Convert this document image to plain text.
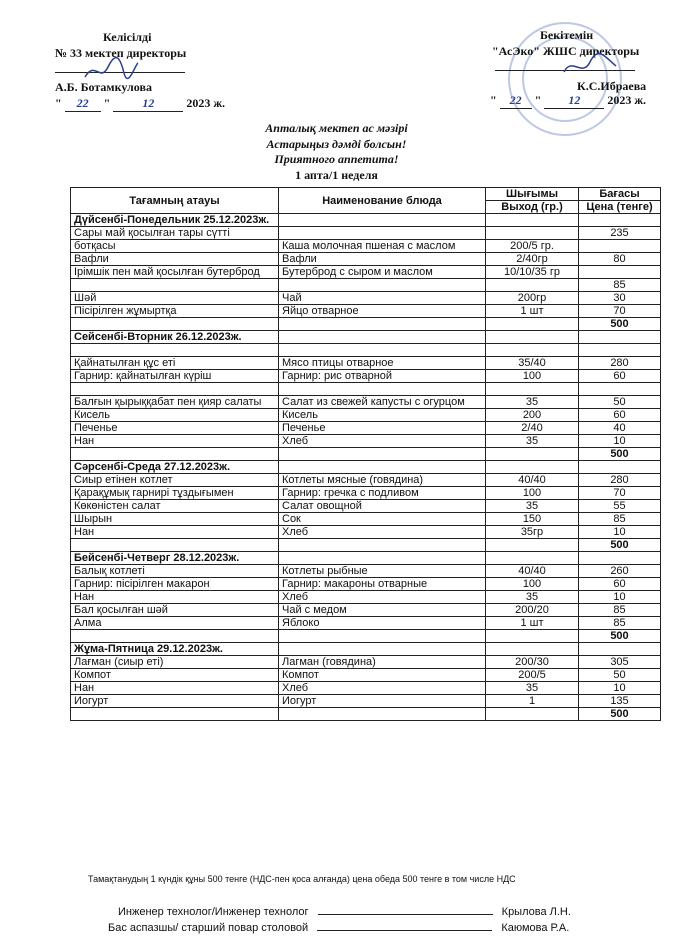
Келісілді
№ 33 мектеп директоры
А.Б. Ботамкулова
" 22 "	12	2023 ж.
Бекітемін
"АсЭко" ЖШС директоры
К.С.Ибраева
" 22 " 12 2023 ж.
Апталық мектеп ас мәзірі
Астарыңыз дәмді болсын!
Приятного аппетита!
1 апта/1 неделя
Тағамның атауы	Наименование блюда	Шығымы	Бағасы
		Выход (гр.)	Цена (тенге)
Дүйсенбі-Понедельник 25.12.2023ж.			
Сары май қосылған тары сүтті			235
ботқасы	Каша молочная пшеная с маслом	200/5 гр.	
Вафли	Вафли	2/40гр	80
Ірімшік пен май қосылған бутерброд	Бутерброд с сыром и маслом	10/10/35 гр	
			85
Шәй	Чай	200гр	30
Пісірілген жұмыртқа	Яйцо отварное	1 шт	70
			500
Сейсенбі-Вторник 26.12.2023ж.			

Қайнатылған құс еті	Мясо птицы отварное	35/40	280
Гарнир: қайнатылған күріш	Гарнир: рис отварной	100	60

Балғын қырыққабат пен қияр салаты	Салат из свежей капусты с огурцом	35	50
Кисель	Кисель	200	60
Печенье	Печенье	2/40	40
Нан	Хлеб	35	10
			500
Сәрсенбі-Среда 27.12.2023ж.			
Сиыр етінен котлет	Котлеты мясные (говядина)	40/40	280
Қарақұмық гарнирі тұздығымен	Гарнир: гречка с подливом	100	70
Көкөністен салат	Салат овощной	35	55
Шырын	Сок	150	85
Нан	Хлеб	35гр	10
			500
Бейсенбі-Четверг 28.12.2023ж.			
Балық котлеті	Котлеты рыбные	40/40	260
Гарнир: пісірілген макарон	Гарнир: макароны отварные	100	60
Нан	Хлеб	35	10
Бал қосылған шәй	Чай с медом	200/20	85
Алма	Яблоко	1 шт	85
			500
Жұма-Пятница 29.12.2023ж.			
Лағман (сиыр еті)	Лагман (говядина)	200/30	305
Компот	Компот	200/5	50
Нан	Хлеб	35	10
Иогурт	Иогурт	1	135
			500
Тамақтанудың 1 күндік құны 500 тенге (НДС-пен қоса алғанда) цена обеда 500 тенге в том числе НДС
Инженер технолог/Инженер технолог	Крылова Л.Н.
Бас аспазшы/ старший повар столовой	Каюмова Р.А.
